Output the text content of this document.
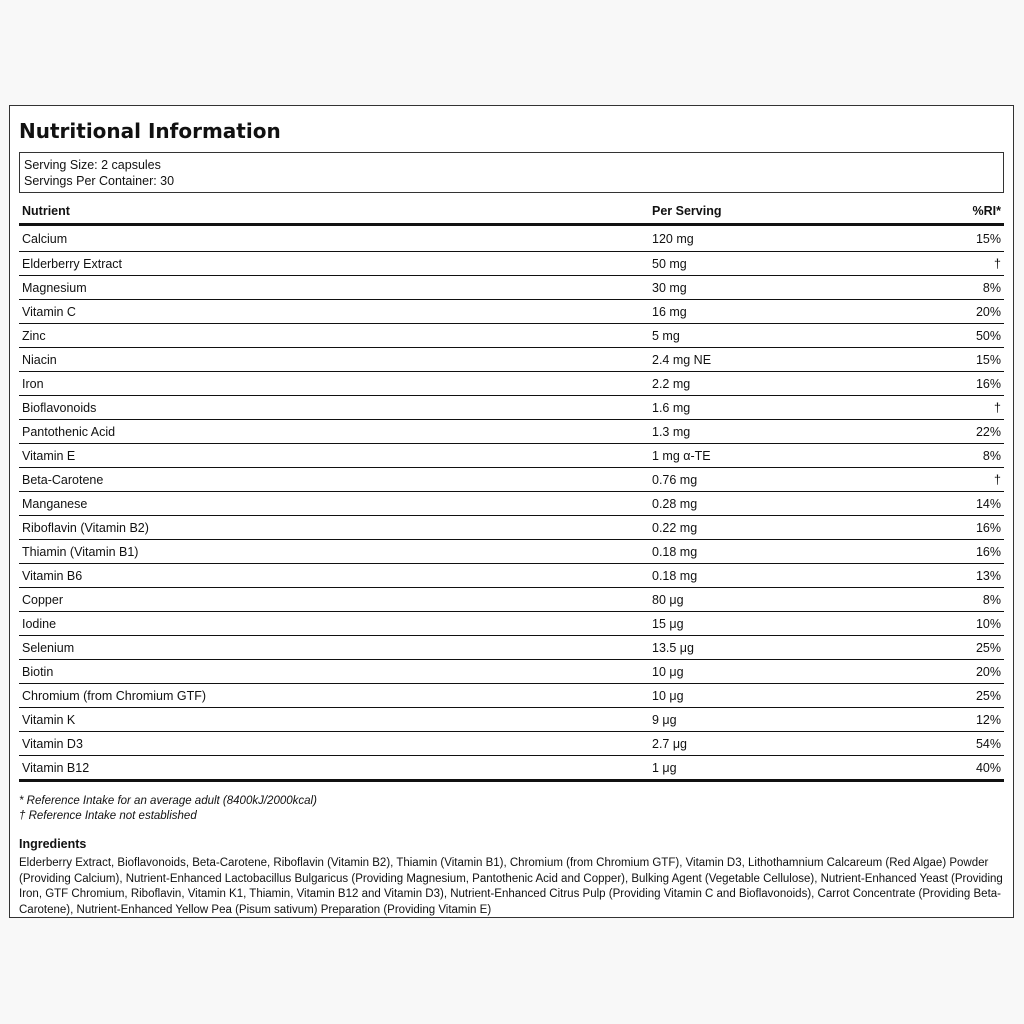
Nutritional Information
Serving Size: 2 capsules
Servings Per Container: 30
Nutrient	Per Serving	%RI*
Calcium	120 mg	15%
Elderberry Extract	50 mg	†
Magnesium	30 mg	8%
Vitamin C	16 mg	20%
Zinc	5 mg	50%
Niacin	2.4 mg NE	15%
Iron	2.2 mg	16%
Bioflavonoids	1.6 mg	†
Pantothenic Acid	1.3 mg	22%
Vitamin E	1 mg α-TE	8%
Beta-Carotene	0.76 mg	†
Manganese	0.28 mg	14%
Riboflavin (Vitamin B2)	0.22 mg	16%
Thiamin (Vitamin B1)	0.18 mg	16%
Vitamin B6	0.18 mg	13%
Copper	80 μg	8%
Iodine	15 μg	10%
Selenium	13.5 μg	25%
Biotin	10 μg	20%
Chromium (from Chromium GTF)	10 μg	25%
Vitamin K	9 μg	12%
Vitamin D3	2.7 μg	54%
Vitamin B12	1 μg	40%
* Reference Intake for an average adult (8400kJ/2000kcal)
† Reference Intake not established
Ingredients
Elderberry Extract, Bioflavonoids, Beta-Carotene, Riboflavin (Vitamin B2), Thiamin (Vitamin B1), Chromium (from Chromium GTF), Vitamin D3, Lithothamnium Calcareum (Red Algae) Powder (Providing Calcium), Nutrient-Enhanced Lactobacillus Bulgaricus (Providing Magnesium, Pantothenic Acid and Copper), Bulking Agent (Vegetable Cellulose), Nutrient-Enhanced Yeast (Providing Iron, GTF Chromium, Riboflavin, Vitamin K1, Thiamin, Vitamin B12 and Vitamin D3), Nutrient-Enhanced Citrus Pulp (Providing Vitamin C and Bioflavonoids), Carrot Concentrate (Providing Beta-Carotene), Nutrient-Enhanced Yellow Pea (Pisum sativum) Preparation (Providing Vitamin E)
